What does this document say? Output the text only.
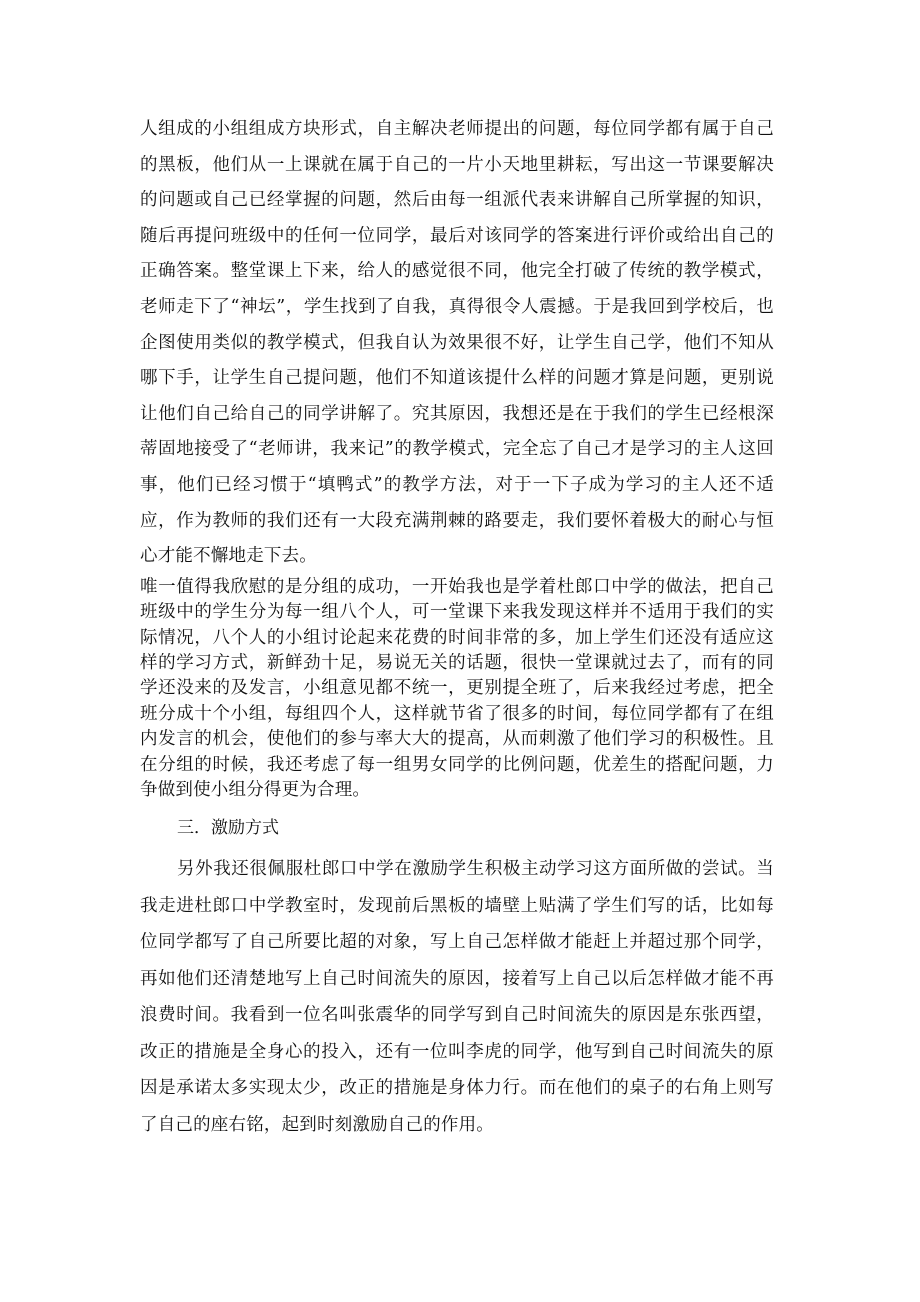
人组成的小组组成方块形式，自主解决老师提出的问题，每位同学都有属于自己的黑板，他们从一上课就在属于自己的一片小天地里耕耘，写出这一节课要解决的问题或自己已经掌握的问题，然后由每一组派代表来讲解自己所掌握的知识，随后再提问班级中的任何一位同学，最后对该同学的答案进行评价或给出自己的正确答案。整堂课上下来，给人的感觉很不同，他完全打破了传统的教学模式，老师走下了“神坛”，学生找到了自我，真得很令人震撼。于是我回到学校后，也企图使用类似的教学模式，但我自认为效果很不好，让学生自己学，他们不知从哪下手，让学生自己提问题，他们不知道该提什么样的问题才算是问题，更别说让他们自己给自己的同学讲解了。究其原因，我想还是在于我们的学生已经根深蒂固地接受了“老师讲，我来记”的教学模式，完全忘了自己才是学习的主人这回事，他们已经习惯于“填鸭式”的教学方法，对于一下子成为学习的主人还不适应，作为教师的我们还有一大段充满荆棘的路要走，我们要怀着极大的耐心与恒心才能不懈地走下去。

唯一值得我欣慰的是分组的成功，一开始我也是学着杜郎口中学的做法，把自己班级中的学生分为每一组八个人，可一堂课下来我发现这样并不适用于我们的实际情况，八个人的小组讨论起来花费的时间非常的多，加上学生们还没有适应这样的学习方式，新鲜劲十足，易说无关的话题，很快一堂课就过去了，而有的同学还没来的及发言，小组意见都不统一，更别提全班了，后来我经过考虑，把全班分成十个小组，每组四个人，这样就节省了很多的时间，每位同学都有了在组内发言的机会，使他们的参与率大大的提高，从而刺激了他们学习的积极性。且在分组的时候，我还考虑了每一组男女同学的比例问题，优差生的搭配问题，力争做到使小组分得更为合理。

三．激励方式

另外我还很佩服杜郎口中学在激励学生积极主动学习这方面所做的尝试。当我走进杜郎口中学教室时，发现前后黑板的墙壁上贴满了学生们写的话，比如每位同学都写了自己所要比超的对象，写上自己怎样做才能赶上并超过那个同学，再如他们还清楚地写上自己时间流失的原因，接着写上自己以后怎样做才能不再浪费时间。我看到一位名叫张震华的同学写到自己时间流失的原因是东张西望，改正的措施是全身心的投入，还有一位叫李虎的同学，他写到自己时间流失的原因是承诺太多实现太少，改正的措施是身体力行。而在他们的桌子的右角上则写了自己的座右铭，起到时刻激励自己的作用。
